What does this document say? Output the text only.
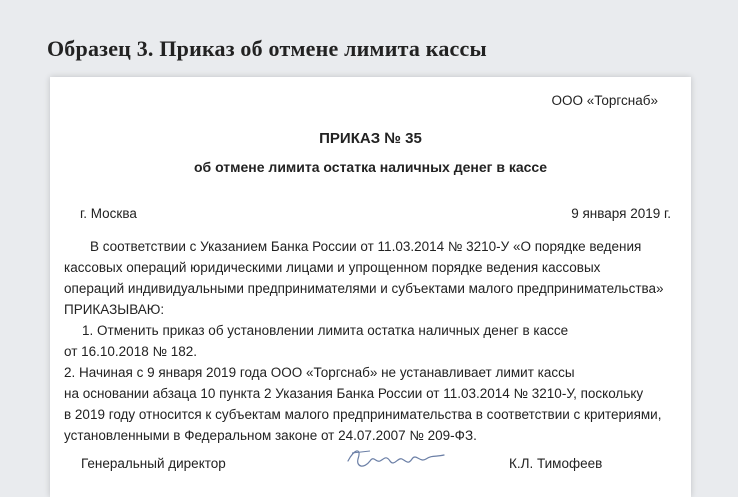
Образец 3. Приказ об отмене лимита кассы
ООО «Торгснаб»
ПРИКАЗ № 35
об отмене лимита остатка наличных денег в кассе
г. Москва	9 января 2019 г.
В соответствии с Указанием Банка России от 11.03.2014 № 3210-У «О порядке ведения
кассовых операций юридическими лицами и упрощенном порядке ведения кассовых
операций индивидуальными предпринимателями и субъектами малого предпринимательства»
ПРИКАЗЫВАЮ:
1. Отменить приказ об установлении лимита остатка наличных денег в кассе
от 16.10.2018 № 182.
2. Начиная с 9 января 2019 года ООО «Торгснаб» не устанавливает лимит кассы
на основании абзаца 10 пункта 2 Указания Банка России от 11.03.2014 № 3210-У, поскольку
в 2019 году относится к субъектам малого предпринимательства в соответствии с критериями,
установленными в Федеральном законе от 24.07.2007 № 209-ФЗ.
Генеральный директор	К.Л. Тимофеев
